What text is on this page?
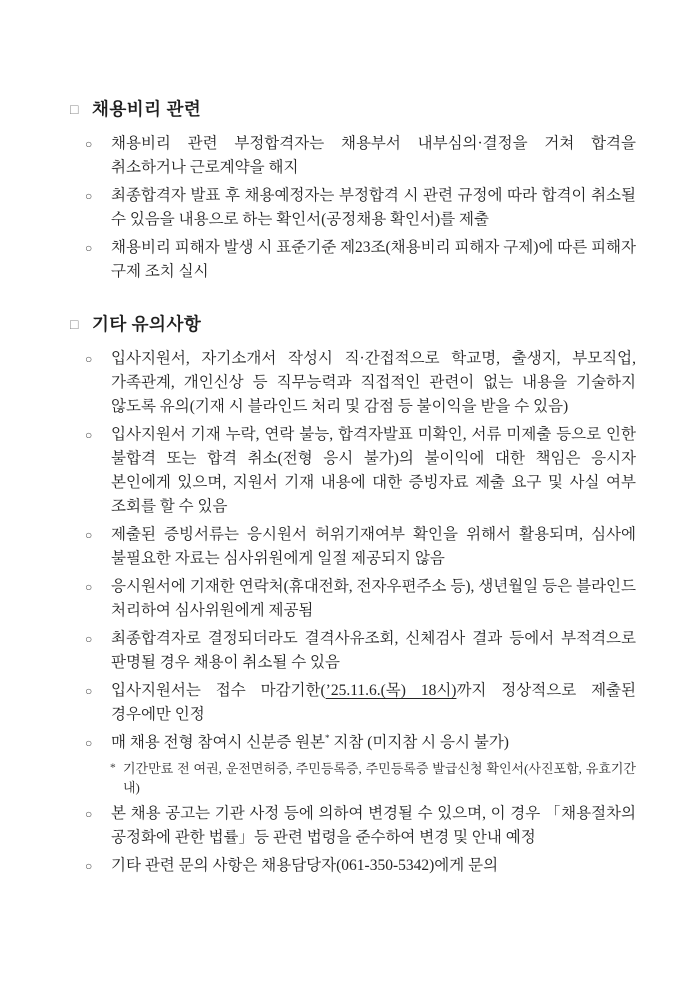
□ 채용비리 관련
○	채용비리 관련 부정합격자는 채용부서 내부심의·결정을 거쳐 합격을 취소하거나 근로계약을 해지
○	최종합격자 발표 후 채용예정자는 부정합격 시 관련 규정에 따라 합격이 취소될 수 있음을 내용으로 하는 확인서(공정채용 확인서)를 제출
○	채용비리 피해자 발생 시 표준기준 제23조(채용비리 피해자 구제)에 따른 피해자 구제 조치 실시
□ 기타 유의사항
○	입사지원서, 자기소개서 작성시 직·간접적으로 학교명, 출생지, 부모직업, 가족관계, 개인신상 등 직무능력과 직접적인 관련이 없는 내용을 기술하지 않도록 유의(기재 시 블라인드 처리 및 감점 등 불이익을 받을 수 있음)
○	입사지원서 기재 누락, 연락 불능, 합격자발표 미확인, 서류 미제출 등으로 인한 불합격 또는 합격 취소(전형 응시 불가)의 불이익에 대한 책임은 응시자 본인에게 있으며, 지원서 기재 내용에 대한 증빙자료 제출 요구 및 사실 여부 조회를 할 수 있음
○	제출된 증빙서류는 응시원서 허위기재여부 확인을 위해서 활용되며, 심사에 불필요한 자료는 심사위원에게 일절 제공되지 않음
○	응시원서에 기재한 연락처(휴대전화, 전자우편주소 등), 생년월일 등은 블라인드 처리하여 심사위원에게 제공됨
○	최종합격자로 결정되더라도 결격사유조회, 신체검사 결과 등에서 부적격으로 판명될 경우 채용이 취소될 수 있음
○	입사지원서는 접수 마감기한(’25.11.6.(목) 18시)까지 정상적으로 제출된 경우에만 인정
○	매 채용 전형 참여시 신분증 원본* 지참 (미지참 시 응시 불가)
* 기간만료 전 여권, 운전면허증, 주민등록증, 주민등록증 발급신청 확인서(사진포함, 유효기간 내)
○	본 채용 공고는 기관 사정 등에 의하여 변경될 수 있으며, 이 경우 「채용절차의 공정화에 관한 법률」등 관련 법령을 준수하여 변경 및 안내 예정
○	기타 관련 문의 사항은 채용담당자(061-350-5342)에게 문의
